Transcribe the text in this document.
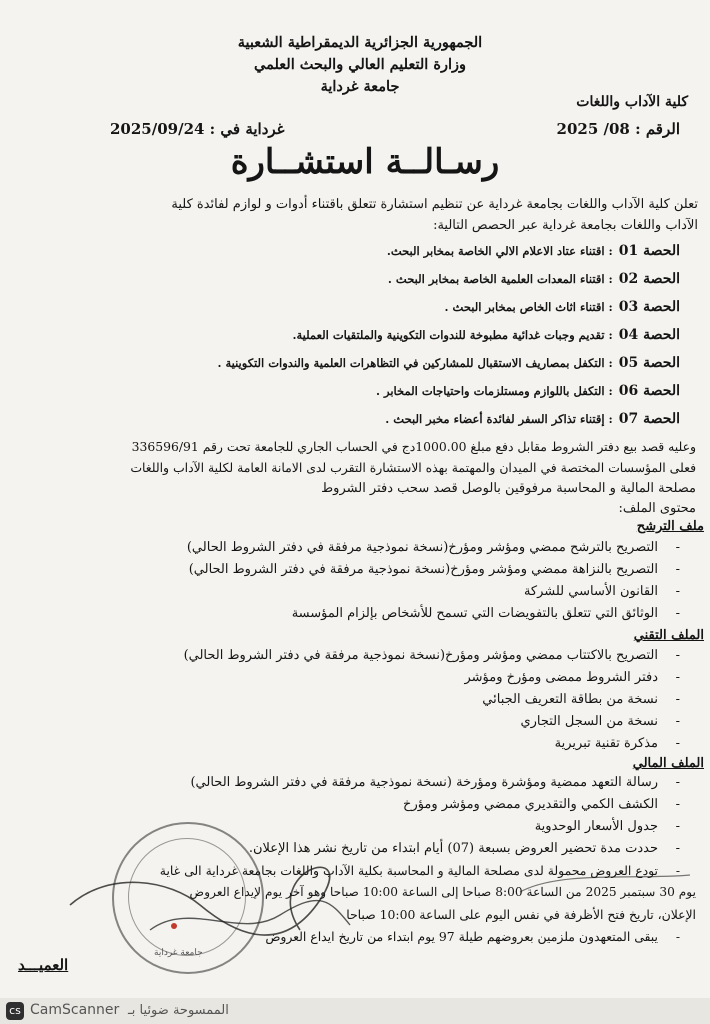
الجمهورية الجزائرية الديمقراطية الشعبية
وزارة التعليم العالي والبحث العلمي
جامعة غرداية
كلية الآداب واللغات
الرقم : 08/ 2025
غرداية في : 2025/09/24
رسـالــة استشــارة
تعلن كلية الآداب واللغات بجامعة غرداية عن تنظيم استشارة تتعلق باقتناء أدوات و لوازم لفائدة كلية
الآداب واللغات بجامعة غرداية عبر الحصص التالية:
الحصة 01: اقتناء عتاد الاعلام الالي الخاصة بمخابر البحث.
الحصة 02: اقتناء المعدات العلمية الخاصة بمخابر البحث .
الحصة 03: اقتناء اثاث الخاص بمخابر البحث .
الحصة 04: تقديم وجبات غدائية مطبوخة للندوات التكوينية والملتقيات العملية.
الحصة 05: التكفل بمصاريف الاستقبال للمشاركين في التظاهرات العلمية والندوات التكوينية .
الحصة 06: التكفل باللوازم ومستلزمات واحتياجات المخابر .
الحصة 07: إقتناء تذاكر السفر لفائدة أعضاء مخبر البحث .
وعليه قصد بيع دفتر الشروط مقابل دفع مبلغ 1000.00دج في الحساب الجاري للجامعة تحت رقم 336596/91
فعلى المؤسسات المختصة في الميدان والمهتمة بهذه الاستشارة التقرب لدى الامانة العامة لكلية الآداب واللغات
مصلحة المالية و المحاسبة مرفوقين بالوصل قصد سحب دفتر الشروط
محتوى الملف:
ملف الترشح
-التصريح بالترشح ممضي ومؤشر ومؤرخ(نسخة نموذجية مرفقة في دفتر الشروط الحالي)
-التصريح بالنزاهة ممضي ومؤشر ومؤرخ(نسخة نموذجية مرفقة في دفتر الشروط الحالي)
-القانون الأساسي للشركة
-الوثائق التي تتعلق بالتفويضات التي تسمح للأشخاص بإلزام المؤسسة
الملف التقني
-التصريح بالاكتتاب ممضي ومؤشر ومؤرخ(نسخة نموذجية مرفقة في دفتر الشروط الحالي)
-دفتر الشروط ممضى ومؤرخ ومؤشر
-نسخة من بطاقة التعريف الجبائي
-نسخة من السجل التجاري
-مذكرة تقنية تبريرية
الملف المالي
-رسالة التعهد ممضية ومؤشرة ومؤرخة (نسخة نموذجية مرفقة في دفتر الشروط الحالي)
-الكشف الكمي والتقديري ممضي ومؤشر ومؤرخ
-جدول الأسعار الوحدوية
-حددت مدة تحضير العروض بسبعة (07) أيام ابتداء من تاريخ نشر هذا الإعلان.
-تودع العروض محمولة لدى مصلحة المالية و المحاسبة بكلية الآداب واللغات بجامعة غرداية الى غاية
يوم 30 سبتمبر 2025 من الساعة 8:00 صباحا إلى الساعة 10:00 صباحا وهو آخر يوم لإيداع العروض
الإعلان، تاريخ فتح الأظرفة في نفس اليوم على الساعة 10:00 صباحا
-يبقى المتعهدون ملزمين بعروضهم طيلة 97 يوم ابتداء من تاريخ ايداع العروض
العميـــد
جامعة غرداية
cs CamScanner الممسوحة ضوئيا بـ
